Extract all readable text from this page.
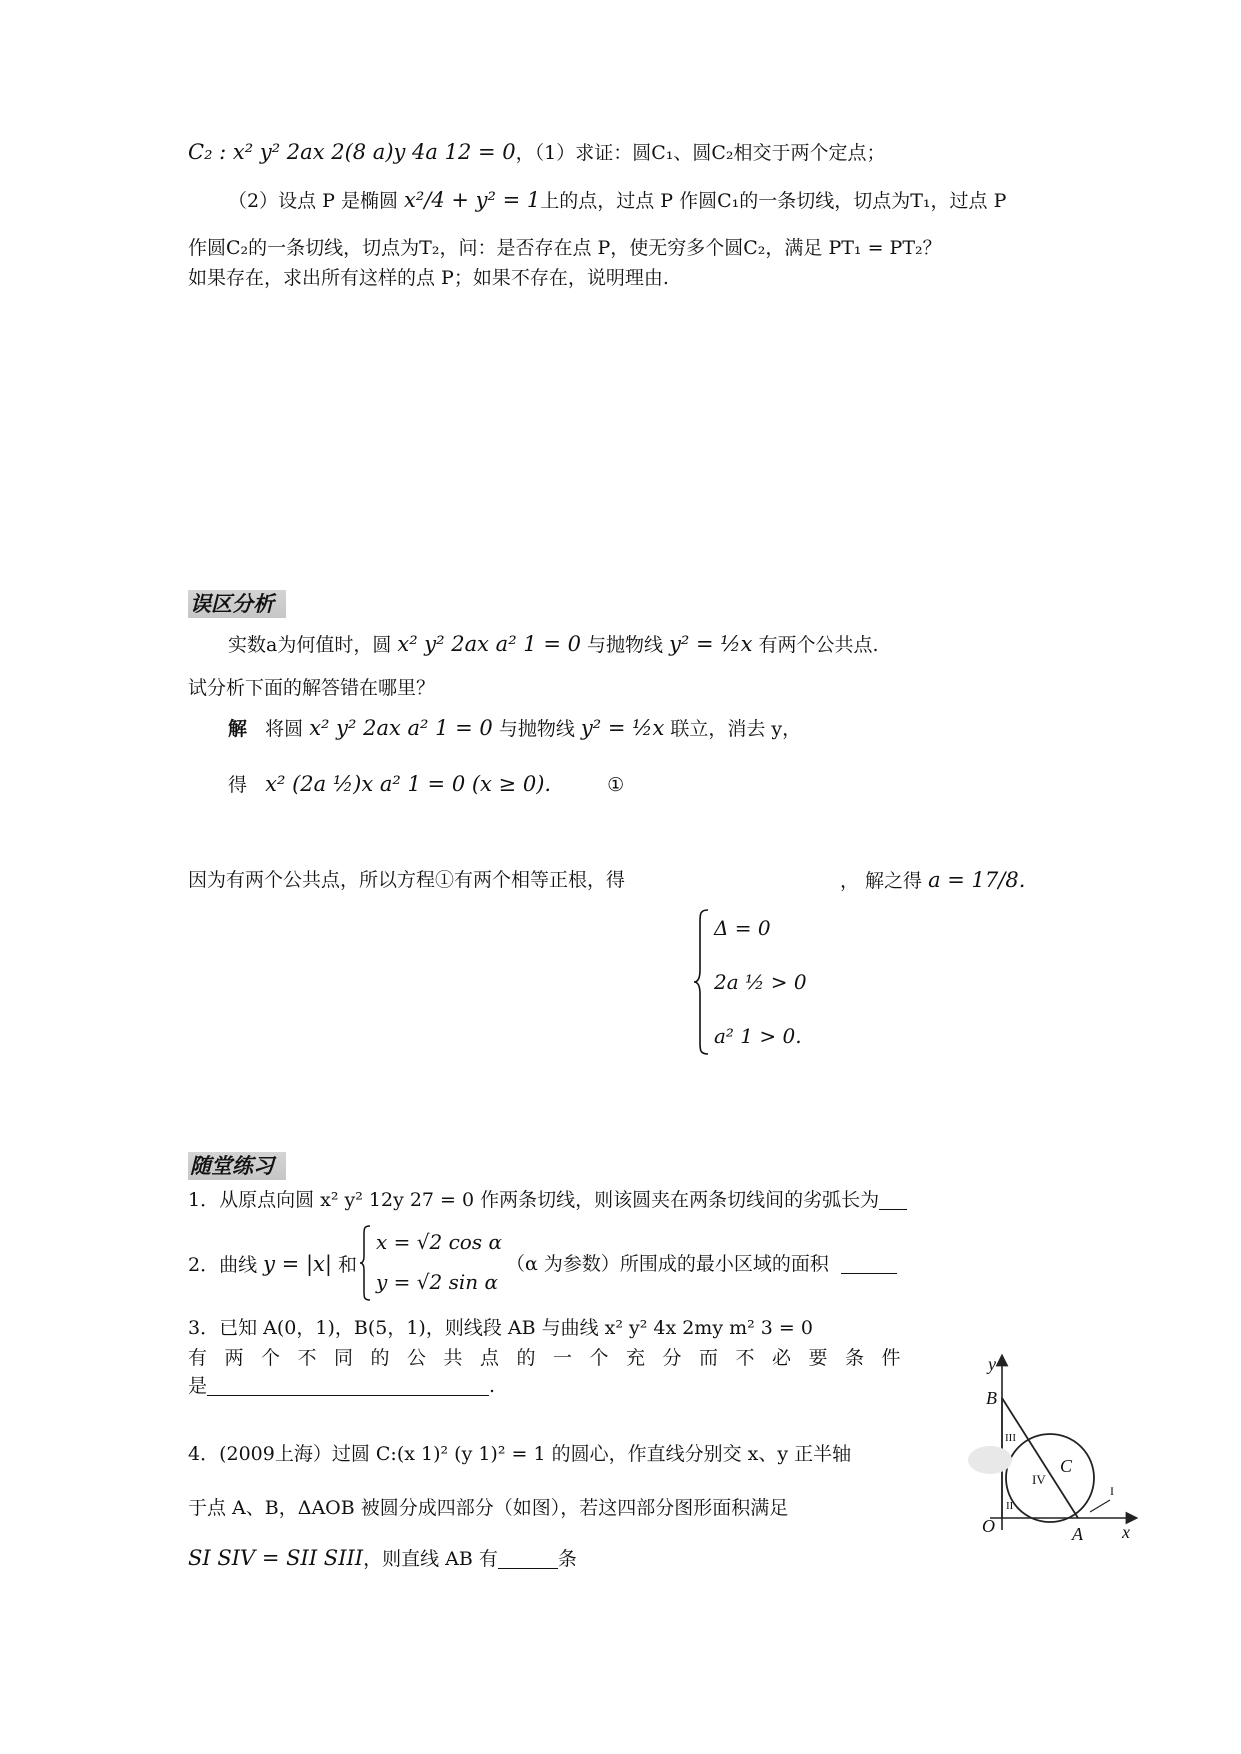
C₂ : x² y² 2ax 2(8 a)y 4a 12 = 0，（1）求证：圆C₁、圆C₂相交于两个定点；
（2）设点 P 是椭圆 x²/4 + y² = 1上的点，过点 P 作圆C₁的一条切线，切点为T₁，过点 P
作圆C₂的一条切线，切点为T₂，问：是否存在点 P，使无穷多个圆C₂，满足 PT₁ = PT₂？
如果存在，求出所有这样的点 P；如果不存在，说明理由.
误区分析
实数a为何值时，圆 x² y² 2ax a² 1 = 0 与抛物线 y² = ½x 有两个公共点.
试分析下面的解答错在哪里？
解 将圆 x² y² 2ax a² 1 = 0 与抛物线 y² = ½x 联立，消去 y，
得 x² (2a ½)x a² 1 = 0 (x ≥ 0).	①
因为有两个公共点，所以方程①有两个相等正根，得
Δ = 0
2a ½ > 0
a² 1 > 0.
， 解之得 a = 17/8.
随堂练习
1．从原点向圆 x² y² 12y 27 = 0 作两条切线，则该圆夹在两条切线间的劣弧长为
2．曲线 y = |x| 和
x = √2 cos α
y = √2 sin α
（α 为参数）所围成的最小区域的面积
3．已知 A(0，1)，B(5，1)，则线段 AB 与曲线 x² y² 4x 2my m² 3 = 0
有两个不同的公共点的一个充分而不必要条件
是	.
4．(2009上海）过圆 C:(x 1)² (y 1)² = 1 的圆心，作直线分别交 x、y 正半轴
于点 A、B，ΔAOB 被圆分成四部分（如图），若这四部分图形面积满足
SI SIV = SII SIII，则直线 AB 有	条
y
x
O	A
B
C
I
II
III
IV
